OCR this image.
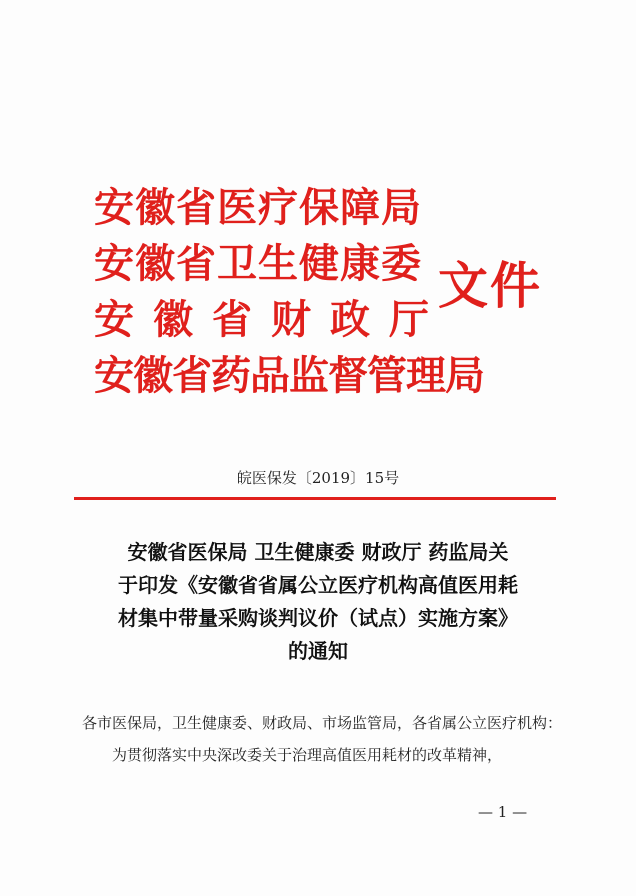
安徽省医疗保障局
安徽省卫生健康委
安徽省财政厅
安徽省药品监督管理局
文件
皖医保发〔2019〕15号
安徽省医保局 卫生健康委 财政厅 药监局关
于印发《安徽省省属公立医疗机构高值医用耗
材集中带量采购谈判议价（试点）实施方案》
的通知
各市医保局，卫生健康委、财政局、市场监管局，各省属公立医疗机构：
为贯彻落实中央深改委关于治理高值医用耗材的改革精神，
— 1 —
